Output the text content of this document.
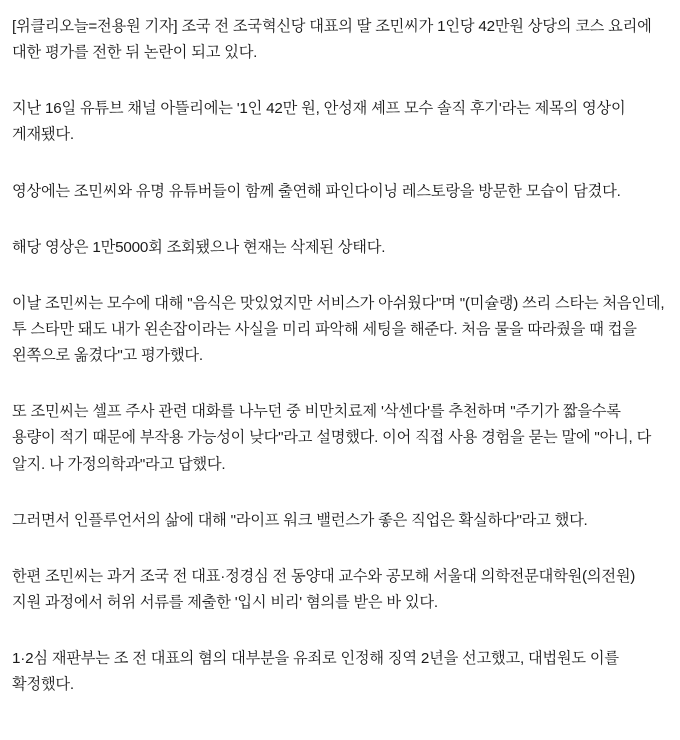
[위클리오늘=전용원 기자] 조국 전 조국혁신당 대표의 딸 조민씨가 1인당 42만원 상당의 코스 요리에 대한 평가를 전한 뒤 논란이 되고 있다.

지난 16일 유튜브 채널 아뜰리에는 '1인 42만 원, 안성재 셰프 모수 솔직 후기'라는 제목의 영상이 게재됐다.

영상에는 조민씨와 유명 유튜버들이 함께 출연해 파인다이닝 레스토랑을 방문한 모습이 담겼다.

해당 영상은 1만5000회 조회됐으나 현재는 삭제된 상태다.

이날 조민씨는 모수에 대해 "음식은 맛있었지만 서비스가 아쉬웠다"며 "(미슐랭) 쓰리 스타는 처음인데, 투 스타만 돼도 내가 왼손잡이라는 사실을 미리 파악해 세팅을 해준다. 처음 물을 따라줬을 때 컵을 왼쪽으로 옮겼다"고 평가했다.

또 조민씨는 셀프 주사 관련 대화를 나누던 중 비만치료제 '삭센다'를 추천하며 "주기가 짧을수록 용량이 적기 때문에 부작용 가능성이 낮다"라고 설명했다. 이어 직접 사용 경험을 묻는 말에 "아니, 다 알지. 나 가정의학과"라고 답했다.

그러면서 인플루언서의 삶에 대해 "라이프 워크 밸런스가 좋은 직업은 확실하다"라고 했다.

한편 조민씨는 과거 조국 전 대표·정경심 전 동양대 교수와 공모해 서울대 의학전문대학원(의전원) 지원 과정에서 허위 서류를 제출한 '입시 비리' 혐의를 받은 바 있다.

1·2심 재판부는 조 전 대표의 혐의 대부분을 유죄로 인정해 징역 2년을 선고했고, 대법원도 이를 확정했다.
